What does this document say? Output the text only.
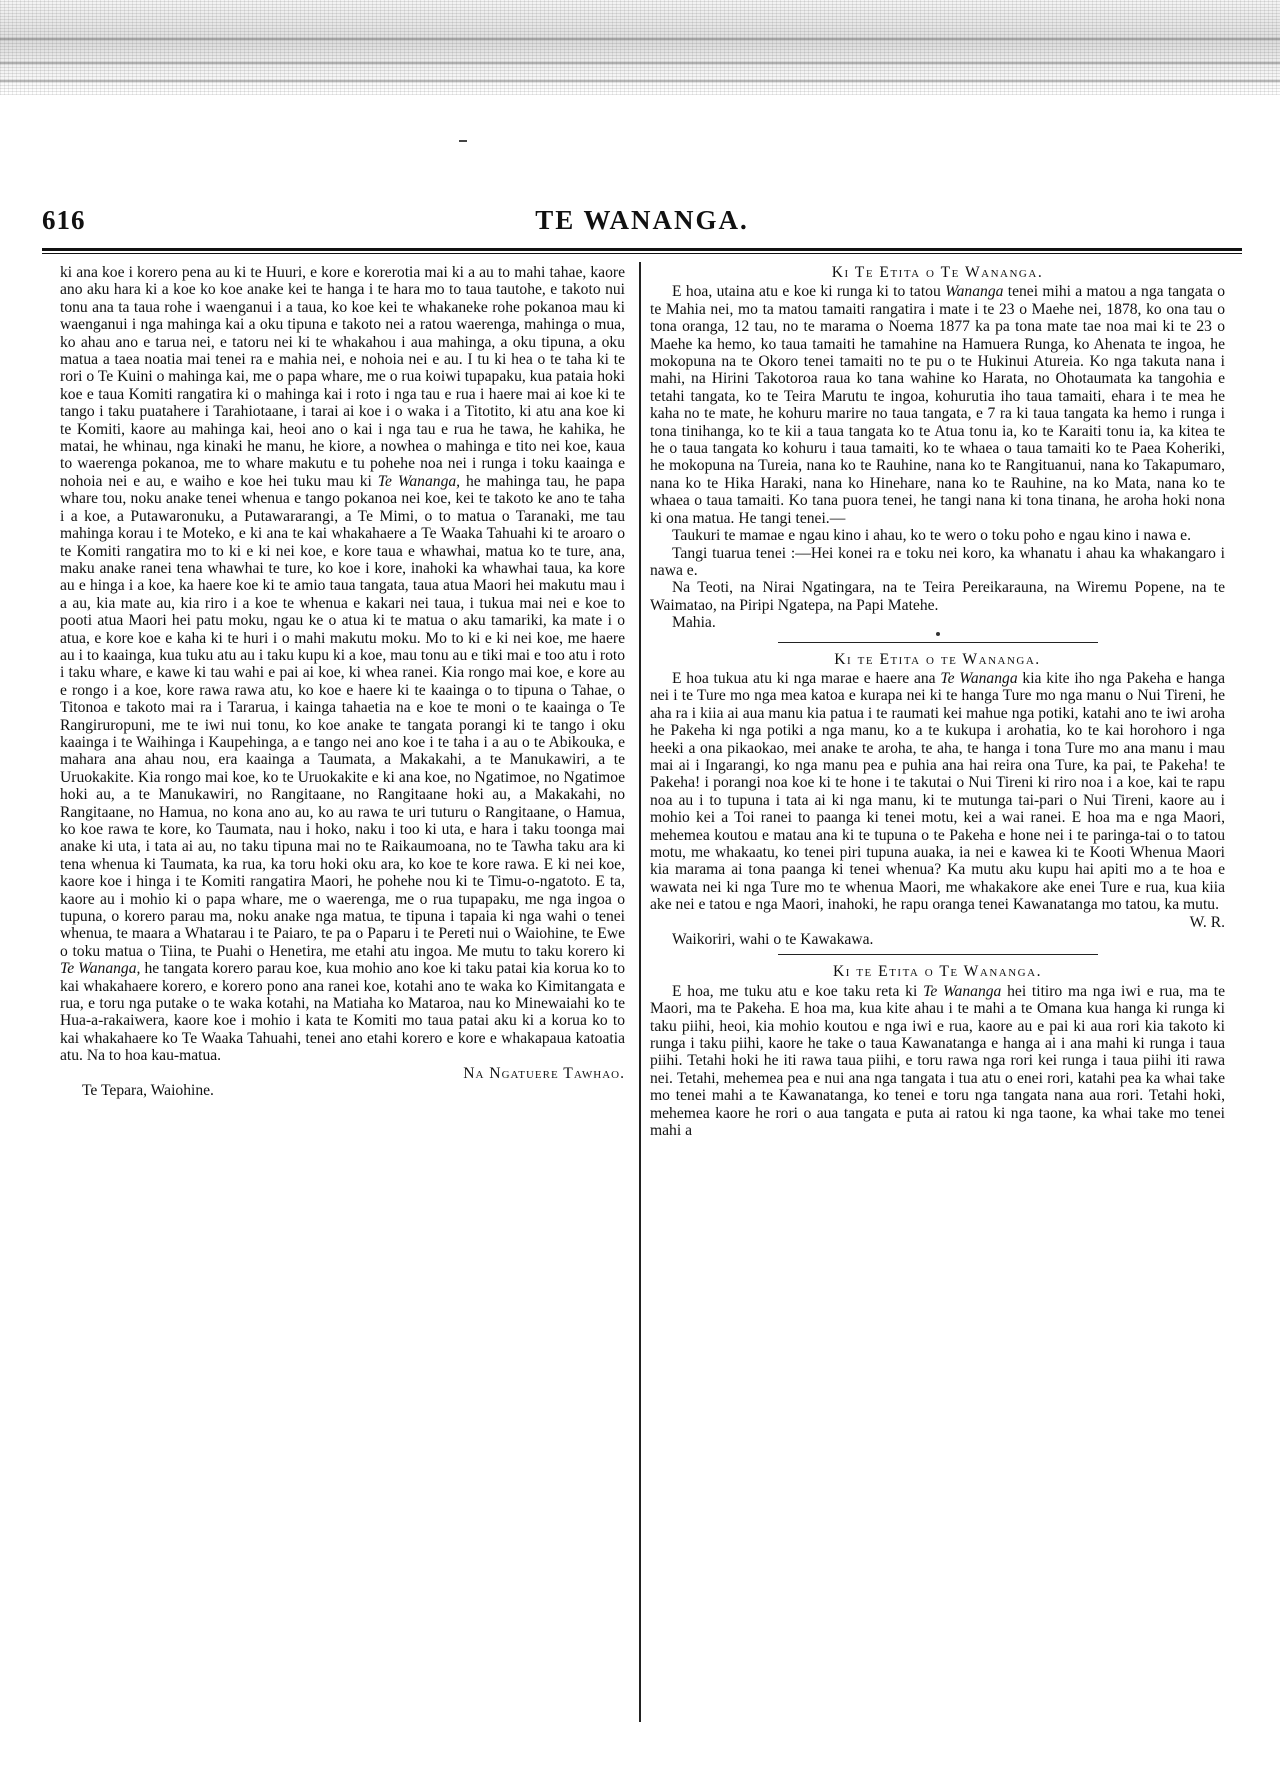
616	TE WANANGA.

ki ana koe i korero pena au ki te Huuri, e kore e korerotia mai ki a au to mahi tahae, kaore ano aku hara ki a koe ko koe anake kei te hanga i te hara mo to taua tautohe, e takoto nui tonu ana ta taua rohe i waenganui i a taua, ko koe kei te whakaneke rohe pokanoa mau ki waenganui i nga mahinga kai a oku tipuna e takoto nei a ratou waerenga, mahinga o mua, ko ahau ano e tarua nei, e tatoru nei ki te whakahou i aua mahinga, a oku tipuna, a oku matua a taea noatia mai tenei ra e mahia nei, e nohoia nei e au. I tu ki hea o te taha ki te rori o Te Kuini o mahinga kai, me o papa whare, me o rua koiwi tupapaku, kua pataia hoki koe e taua Komiti rangatira ki o mahinga kai i roto i nga tau e rua i haere mai ai koe ki te tango i taku puatahere i Tarahiotaane, i tarai ai koe i o waka i a Titotito, ki atu ana koe ki te Komiti, kaore au mahinga kai, heoi ano o kai i nga tau e rua he tawa, he kahika, he matai, he whinau, nga kinaki he manu, he kiore, a nowhea o mahinga e tito nei koe, kaua to waerenga pokanoa, me to whare makutu e tu pohehe noa nei i runga i toku kaainga e nohoia nei e au, e waiho e koe hei tuku mau ki Te Wananga, he mahinga tau, he papa whare tou, noku anake tenei whenua e tango pokanoa nei koe, kei te takoto ke ano te taha i a koe, a Putawaronuku, a Putawararangi, a Te Mimi, o to matua o Taranaki, me tau mahinga korau i te Moteko, e ki ana te kai whakahaere a Te Waaka Tahuahi ki te aroaro o te Komiti rangatira mo to ki e ki nei koe, e kore taua e whawhai, matua ko te ture, ana, maku anake ranei tena whawhai te ture, ko koe i kore, inahoki ka whawhai taua, ka kore au e hinga i a koe, ka haere koe ki te amio taua tangata, taua atua Maori hei makutu mau i a au, kia mate au, kia riro i a koe te whenua e kakari nei taua, i tukua mai nei e koe to pooti atua Maori hei patu moku, ngau ke o atua ki te matua o aku tamariki, ka mate i o atua, e kore koe e kaha ki te huri i o mahi makutu moku. Mo to ki e ki nei koe, me haere au i to kaainga, kua tuku atu au i taku kupu ki a koe, mau tonu au e tiki mai e too atu i roto i taku whare, e kawe ki tau wahi e pai ai koe, ki whea ranei. Kia rongo mai koe, e kore au e rongo i a koe, kore rawa rawa atu, ko koe e haere ki te kaainga o to tipuna o Tahae, o Titonoa e takoto mai ra i Tararua, i kainga tahaetia na e koe te moni o te kaainga o Te Rangiruropuni, me te iwi nui tonu, ko koe anake te tangata porangi ki te tango i oku kaainga i te Waihinga i Kaupehinga, a e tango nei ano koe i te taha i a au o te Abikouka, e mahara ana ahau nou, era kaainga a Taumata, a Makakahi, a te Manukawiri, a te Uruokakite. Kia rongo mai koe, ko te Uruokakite e ki ana koe, no Ngatimoe, no Ngatimoe hoki au, a te Manukawiri, no Rangitaane, no Rangitaane hoki au, a Makakahi, no Rangitaane, no Hamua, no kona ano au, ko au rawa te uri tuturu o Rangitaane, o Hamua, ko koe rawa te kore, ko Taumata, nau i hoko, naku i too ki uta, e hara i taku toonga mai anake ki uta, i tata ai au, no taku tipuna mai no te Raikaumoana, no te Tawha taku ara ki tena whenua ki Taumata, ka rua, ka toru hoki oku ara, ko koe te kore rawa. E ki nei koe, kaore koe i hinga i te Komiti rangatira Maori, he pohehe nou ki te Timu-o-ngatoto. E ta, kaore au i mohio ki o papa whare, me o waerenga, me o rua tupapaku, me nga ingoa o tupuna, o korero parau ma, noku anake nga matua, te tipuna i tapaia ki nga wahi o tenei whenua, te maara a Whatarau i te Paiaro, te pa o Paparu i te Pereti nui o Waiohine, te Ewe o toku matua o Tiina, te Puahi o Henetira, me etahi atu ingoa. Me mutu to taku korero ki Te Wananga, he tangata korero parau koe, kua mohio ano koe ki taku patai kia korua ko to kai whakahaere korero, e korero pono ana ranei koe, kotahi ano te waka ko Kimitangata e rua, e toru nga putake o te waka kotahi, na Matiaha ko Mataroa, nau ko Minewaiahi ko te Hua-a-rakaiwera, kaore koe i mohio i kata te Komiti mo taua patai aku ki a korua ko to kai whakahaere ko Te Waaka Tahuahi, tenei ano etahi korero e kore e whakapaua katoatia atu. Na to hoa kau-matua.

Na Ngatuere Tawhao.

Te Tepara, Waiohine.

Ki Te Etita o Te Wananga.

E hoa, utaina atu e koe ki runga ki to tatou Wananga tenei mihi a matou a nga tangata o te Mahia nei, mo ta matou tamaiti rangatira i mate i te 23 o Maehe nei, 1878, ko ona tau o tona oranga, 12 tau, no te marama o Noema 1877 ka pa tona mate tae noa mai ki te 23 o Maehe ka hemo, ko taua tamaiti he tamahine na Hamuera Runga, ko Ahenata te ingoa, he mokopuna na te Okoro tenei tamaiti no te pu o te Hukinui Atureia. Ko nga takuta nana i mahi, na Hirini Takotoroa raua ko tana wahine ko Harata, no Ohotaumata ka tangohia e tetahi tangata, ko te Teira Marutu te ingoa, kohurutia iho taua tamaiti, ehara i te mea he kaha no te mate, he kohuru marire no taua tangata, e 7 ra ki taua tangata ka hemo i runga i tona tinihanga, ko te kii a taua tangata ko te Atua tonu ia, ko te Karaiti tonu ia, ka kitea te he o taua tangata ko kohuru i taua tamaiti, ko te whaea o taua tamaiti ko te Paea Koheriki, he mokopuna na Tureia, nana ko te Rauhine, nana ko te Rangituanui, nana ko Takapumaro, nana ko te Hika Haraki, nana ko Hinehare, nana ko te Rauhine, na ko Mata, nana ko te whaea o taua tamaiti. Ko tana puora tenei, he tangi nana ki tona tinana, he aroha hoki nona ki ona matua. He tangi tenei.—

Taukuri te mamae e ngau kino i ahau, ko te wero o toku poho e ngau kino i nawa e.

Tangi tuarua tenei :—Hei konei ra e toku nei koro, ka whanatu i ahau ka whakangaro i nawa e.

Na Teoti, na Nirai Ngatingara, na te Teira Pereikaraunа, na Wiremu Popene, na te Waimatao, na Piripi Ngatepa, na Papi Matehe.

Mahia.

Ki te Etita o te Wananga.

E hoa tukua atu ki nga marae e haere ana Te Wananga kia kite iho nga Pakeha e hanga nei i te Ture mo nga mea katoa e kurapa nei ki te hanga Ture mo nga manu o Nui Tireni, he aha ra i kiia ai aua manu kia patua i te raumati kei mahue nga potiki, katahi ano te iwi aroha he Pakeha ki nga potiki a nga manu, ko a te kukupa i arohatia, ko te kai horohoro i nga heeki a ona pikaokao, mei anake te aroha, te aha, te hanga i tona Ture mo ana manu i mau mai ai i Ingarangi, ko nga manu pea e puhia ana hai reira ona Ture, ka pai, te Pakeha! te Pakeha! i porangi noa koe ki te hone i te takutai o Nui Tireni ki riro noa i a koe, kai te rapu noa au i to tupuna i tata ai ki nga manu, ki te mutunga tai-pari o Nui Tireni, kaore au i mohio kei a Toi ranei to paanga ki tenei motu, kei a wai ranei. E hoa ma e nga Maori, mehemea koutou e matau ana ki te tupuna o te Pakeha e hone nei i te paringa-tai o to tatou motu, me whakaatu, ko tenei piri tupuna auaka, ia nei e kawea ki te Kooti Whenua Maori kia marama ai tona paanga ki tenei whenua? Ka mutu aku kupu hai apiti mo a te hoa e wawata nei ki nga Ture mo te whenua Maori, me whakakore ake enei Ture e rua, kua kiia ake nei e tatou e nga Maori, inahoki, he rapu oranga tenei Kawanatanga mo tatou, ka mutu.

W. R.

Waikoriri, wahi o te Kawakawa.

Ki te Etita o Te Wananga.

E hoa, me tuku atu e koe taku reta ki Te Wananga hei titiro ma nga iwi e rua, ma te Maori, ma te Pakeha. E hoa ma, kua kite ahau i te mahi a te Omana kua hanga ki runga ki taku piihi, heoi, kia mohio koutou e nga iwi e rua, kaore au e pai ki aua rori kia takoto ki runga i taku piihi, kaore he take o taua Kawanatanga e hanga ai i ana mahi ki runga i taua piihi. Tetahi hoki he iti rawa taua piihi, e toru rawa nga rori kei runga i taua piihi iti rawa nei. Tetahi, mehemea pea e nui ana nga tangata i tua atu o enei rori, katahi pea ka whai take mo tenei mahi a te Kawanatanga, ko tenei e toru nga tangata nana aua rori. Tetahi hoki, mehemea kaore he rori o aua tangata e puta ai ratou ki nga taone, ka whai take mo tenei mahi a
